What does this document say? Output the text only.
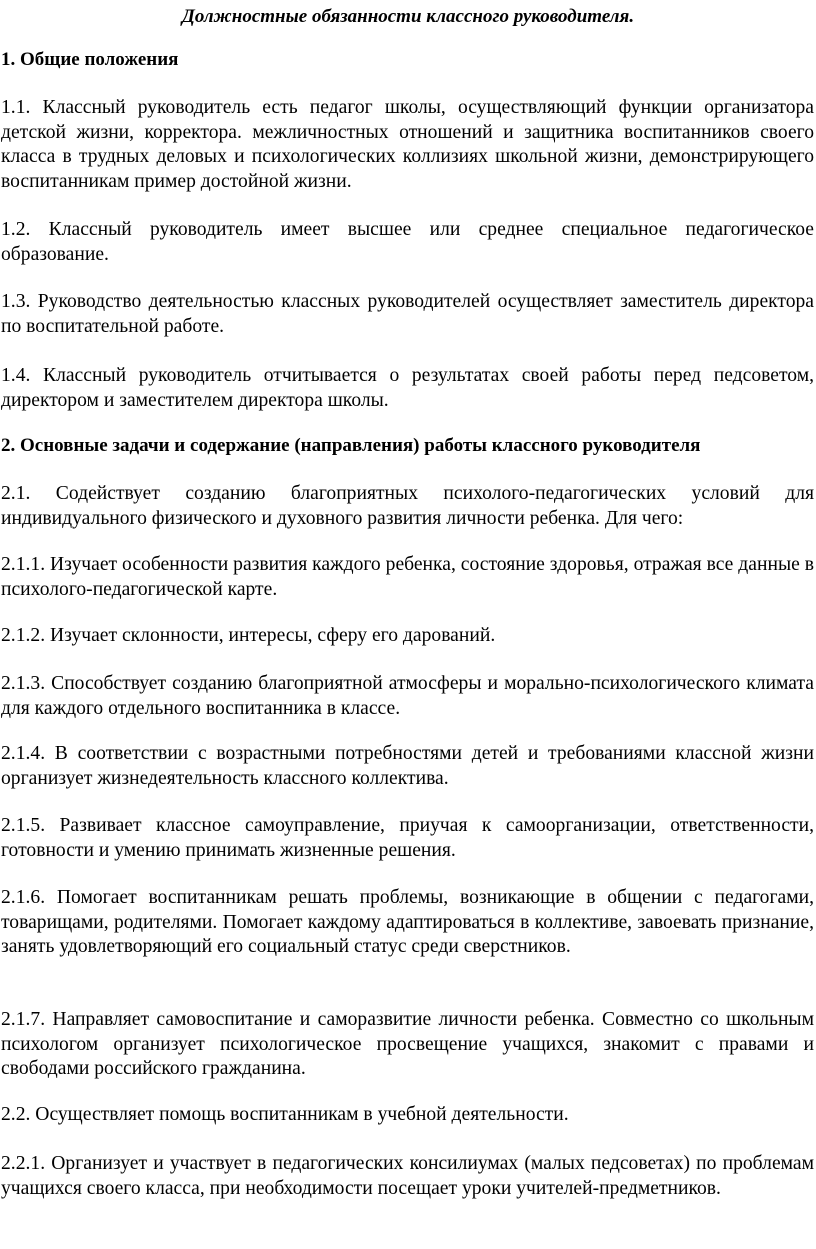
Должностные обязанности классного руководителя.

1. Общие положения

1.1. Классный руководитель есть педагог школы, осуществляющий функции организатора детской жизни, корректора. межличностных отношений и защитника воспитанников своего класса в трудных деловых и психологических коллизиях школьной жизни, демонстрирующего воспитанникам пример достойной жизни.

1.2. Классный руководитель имеет высшее или среднее специальное педагогическое образование.

1.3. Руководство деятельностью классных руководителей осуществляет заместитель директора по воспитательной работе.

1.4. Классный руководитель отчитывается о результатах своей работы перед педсоветом, директором и заместителем директора школы.

2. Основные задачи и содержание (направления) работы классного руководителя

2.1. Содействует созданию благоприятных психолого-педагогических условий для индивидуального физического и духовного развития личности ребенка. Для чего:

2.1.1. Изучает особенности развития каждого ребенка, состояние здоровья, отражая все данные в психолого-педагогической карте.

2.1.2. Изучает склонности, интересы, сферу его дарований.

2.1.3. Способствует созданию благоприятной атмосферы и морально-психологического климата для каждого отдельного воспитанника в классе.

2.1.4. В соответствии с возрастными потребностями детей и требованиями классной жизни организует жизнедеятельность классного коллектива.

2.1.5. Развивает классное самоуправление, приучая к самоорганизации, ответственности, готовности и умению принимать жизненные решения.

2.1.6. Помогает воспитанникам решать проблемы, возникающие в общении с педагогами, товарищами, родителями. Помогает каждому адаптироваться в коллективе, завоевать признание, занять удовлетворяющий его социальный статус среди сверстников.

2.1.7. Направляет самовоспитание и саморазвитие личности ребенка. Совместно со школьным психологом организует психологическое просвещение учащихся, знакомит с правами и свободами российского гражданина.

2.2. Осуществляет помощь воспитанникам в учебной деятельности.

2.2.1. Организует и участвует в педагогических консилиумах (малых педсоветах) по проблемам учащихся своего класса, при необходимости посещает уроки учителей-предметников.
